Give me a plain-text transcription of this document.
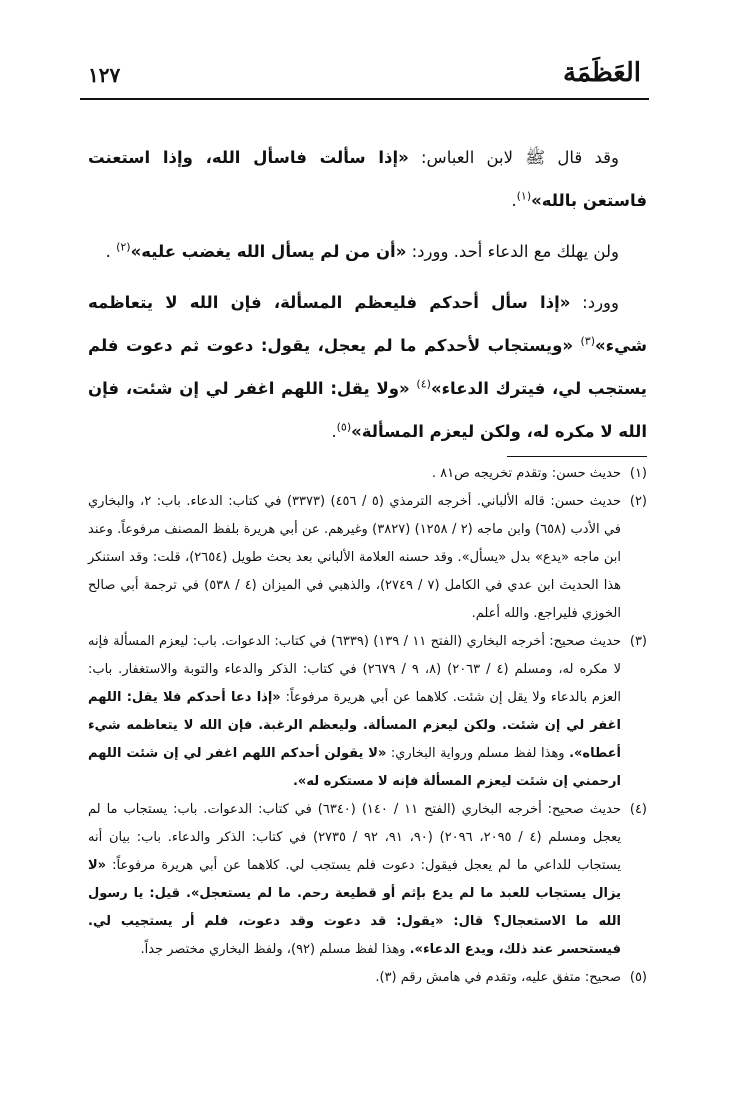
العَظَمَة
١٢٧

وقد قال ﷺ لابن العباس: «إذا سألت فاسأل الله، وإذا استعنت فاستعن بالله»$^{(١)}$.

ولن يهلك مع الدعاء أحد. وورد: «أن من لم يسأل الله يغضب عليه»$^{(٢)}$ .

وورد: «إذا سأل أحدكم فليعظم المسألة، فإن الله لا يتعاظمه شيء»$^{(٣)}$ «ويستجاب لأحدكم ما لم يعجل، يقول: دعوت ثم دعوت فلم يستجب لي، فيترك الدعاء»$^{(٤)}$ «ولا يقل: اللهم اغفر لي إن شئت، فإن الله لا مكره له، ولكن ليعزم المسألة»$^{(٥)}$.

(١)
حديث حسن: وتقدم تخريجه ص٨١ .

(٢)
حديث حسن: قاله الألباني. أخرجه الترمذي (٥ / ٤٥٦) (٣٣٧٣) في كتاب: الدعاء. باب: ٢، والبخاري في الأدب (٦٥٨) وابن ماجه (٢ / ١٢٥٨) (٣٨٢٧) وغيرهم. عن أبي هريرة بلفظ المصنف مرفوعاً. وعند ابن ماجه «يدع» بدل «يسأل». وقد حسنه العلامة الألباني بعد بحث طويل (٢٦٥٤)، قلت: وقد استنكر هذا الحديث ابن عدي في الكامل (٧ / ٢٧٤٩)، والذهبي في الميزان (٤ / ٥٣٨) في ترجمة أبي صالح الخوزي فليراجع. والله أعلم.

(٣)
حديث صحيح: أخرجه البخاري (الفتح ١١ / ١٣٩) (٦٣٣٩) في كتاب: الدعوات. باب: ليعزم المسألة فإنه لا مكره له، ومسلم (٤ / ٢٠٦٣) (٨، ٩ / ٢٦٧٩) في كتاب: الذكر والدعاء والتوبة والاستغفار. باب: العزم بالدعاء ولا يقل إن شئت. كلاهما عن أبي هريرة مرفوعاً: «إذا دعا أحدكم فلا يقل: اللهم اغفر لي إن شئت. ولكن ليعزم المسألة. وليعظم الرغبة. فإن الله لا يتعاظمه شيء أعطاه». وهذا لفظ مسلم ورواية البخاري: «لا يقولن أحدكم اللهم اغفر لي إن شئت اللهم ارحمني إن شئت ليعزم المسألة فإنه لا مستكره له».

(٤)
حديث صحيح: أخرجه البخاري (الفتح ١١ / ١٤٠) (٦٣٤٠) في كتاب: الدعوات. باب: يستجاب ما لم يعجل ومسلم (٤ / ٢٠٩٥، ٢٠٩٦) (٩٠، ٩١، ٩٢ / ٢٧٣٥) في كتاب: الذكر والدعاء. باب: بيان أنه يستجاب للداعي ما لم يعجل فيقول: دعوت فلم يستجب لي. كلاهما عن أبي هريرة مرفوعاً: «لا يزال يستجاب للعبد ما لم يدع بإثم أو قطيعة رحم. ما لم يستعجل». قيل: يا رسول الله ما الاستعجال؟ قال: «يقول: قد دعوت وقد دعوت، فلم أر يستجيب لي. فيستحسر عند ذلك، ويدع الدعاء». وهذا لفظ مسلم (٩٢)، ولفظ البخاري مختصر جداً.

(٥)
صحيح: متفق عليه، وتقدم في هامش رقم (٣).
